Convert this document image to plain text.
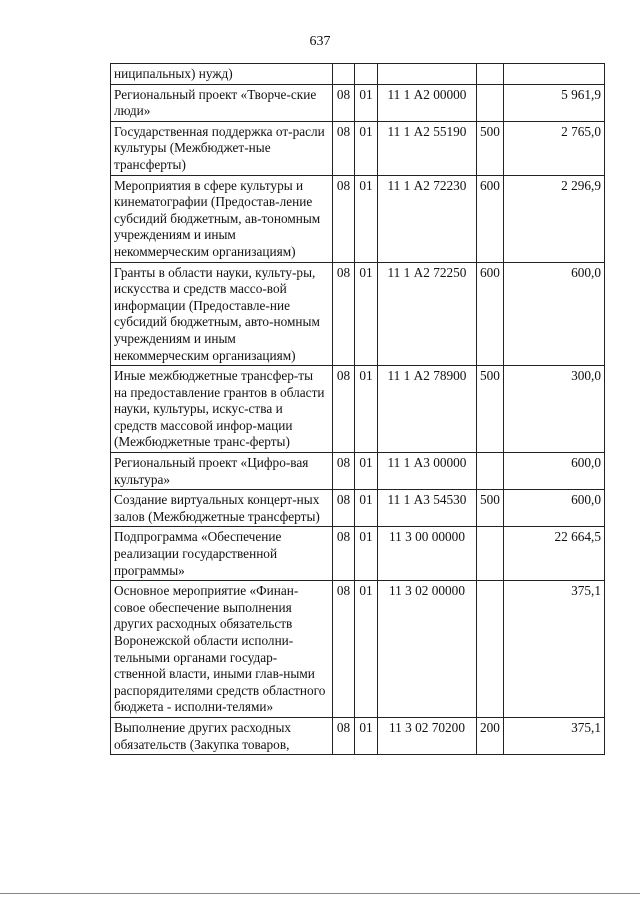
637
ниципальных) нужд)					
Региональный проект «Творче-ские люди»	08	01	11 1 А2 00000		5 961,9
Государственная поддержка от-расли культуры (Межбюджет-ные трансферты)	08	01	11 1 А2 55190	500	2 765,0
Мероприятия в сфере культуры и кинематографии (Предостав-ление субсидий бюджетным, ав-тономным учреждениям и иным некоммерческим организациям)	08	01	11 1 А2 72230	600	2 296,9
Гранты в области науки, культу-ры, искусства и средств массо-вой информации (Предоставле-ние субсидий бюджетным, авто-номным учреждениям и иным некоммерческим организациям)	08	01	11 1 А2 72250	600	600,0
Иные межбюджетные трансфер-ты на предоставление грантов в области науки, культуры, искус-ства и средств массовой инфор-мации (Межбюджетные транс-ферты)	08	01	11 1 А2 78900	500	300,0
Региональный проект «Цифро-вая культура»	08	01	11 1 А3 00000		600,0
Создание виртуальных концерт-ных залов (Межбюджетные трансферты)	08	01	11 1 А3 54530	500	600,0
Подпрограмма «Обеспечение реализации государственной программы»	08	01	11 3 00 00000		22 664,5
Основное мероприятие «Финан-совое обеспечение выполнения других расходных обязательств Воронежской области исполни-тельными органами государ-ственной власти, иными глав-ными распорядителями средств областного бюджета - исполни-телями»	08	01	11 3 02 00000		375,1
Выполнение других расходных обязательств (Закупка товаров,	08	01	11 3 02 70200	200	375,1
